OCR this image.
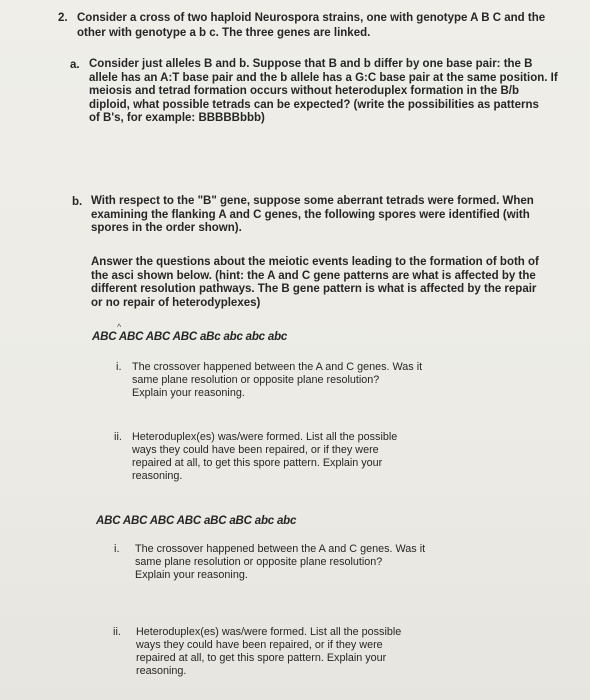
2. Consider a cross of two haploid Neurospora strains, one with genotype A B C and the
other with genotype a b c. The three genes are linked.
a. Consider just alleles B and b. Suppose that B and b differ by one base pair: the B
allele has an A:T base pair and the b allele has a G:C base pair at the same position. If
meiosis and tetrad formation occurs without heteroduplex formation in the B/b
diploid, what possible tetrads can be expected? (write the possibilities as patterns
of B's, for example: BBBBBbbb)
b. With respect to the "B" gene, suppose some aberrant tetrads were formed. When
examining the flanking A and C genes, the following spores were identified (with
spores in the order shown).
Answer the questions about the meiotic events leading to the formation of both of
the asci shown below. (hint: the A and C gene patterns are what is affected by the
different resolution pathways. The B gene pattern is what is affected by the repair
or no repair of heterodyplexes)
^
ABC ABC ABC ABC aBc abc abc abc
i. The crossover happened between the A and C genes. Was it
same plane resolution or opposite plane resolution?
Explain your reasoning.
ii. Heteroduplex(es) was/were formed. List all the possible
ways they could have been repaired, or if they were
repaired at all, to get this spore pattern. Explain your
reasoning.
ABC ABC ABC ABC aBC aBC abc abc
i. The crossover happened between the A and C genes. Was it
same plane resolution or opposite plane resolution?
Explain your reasoning.
ii. Heteroduplex(es) was/were formed. List all the possible
ways they could have been repaired, or if they were
repaired at all, to get this spore pattern. Explain your
reasoning.
